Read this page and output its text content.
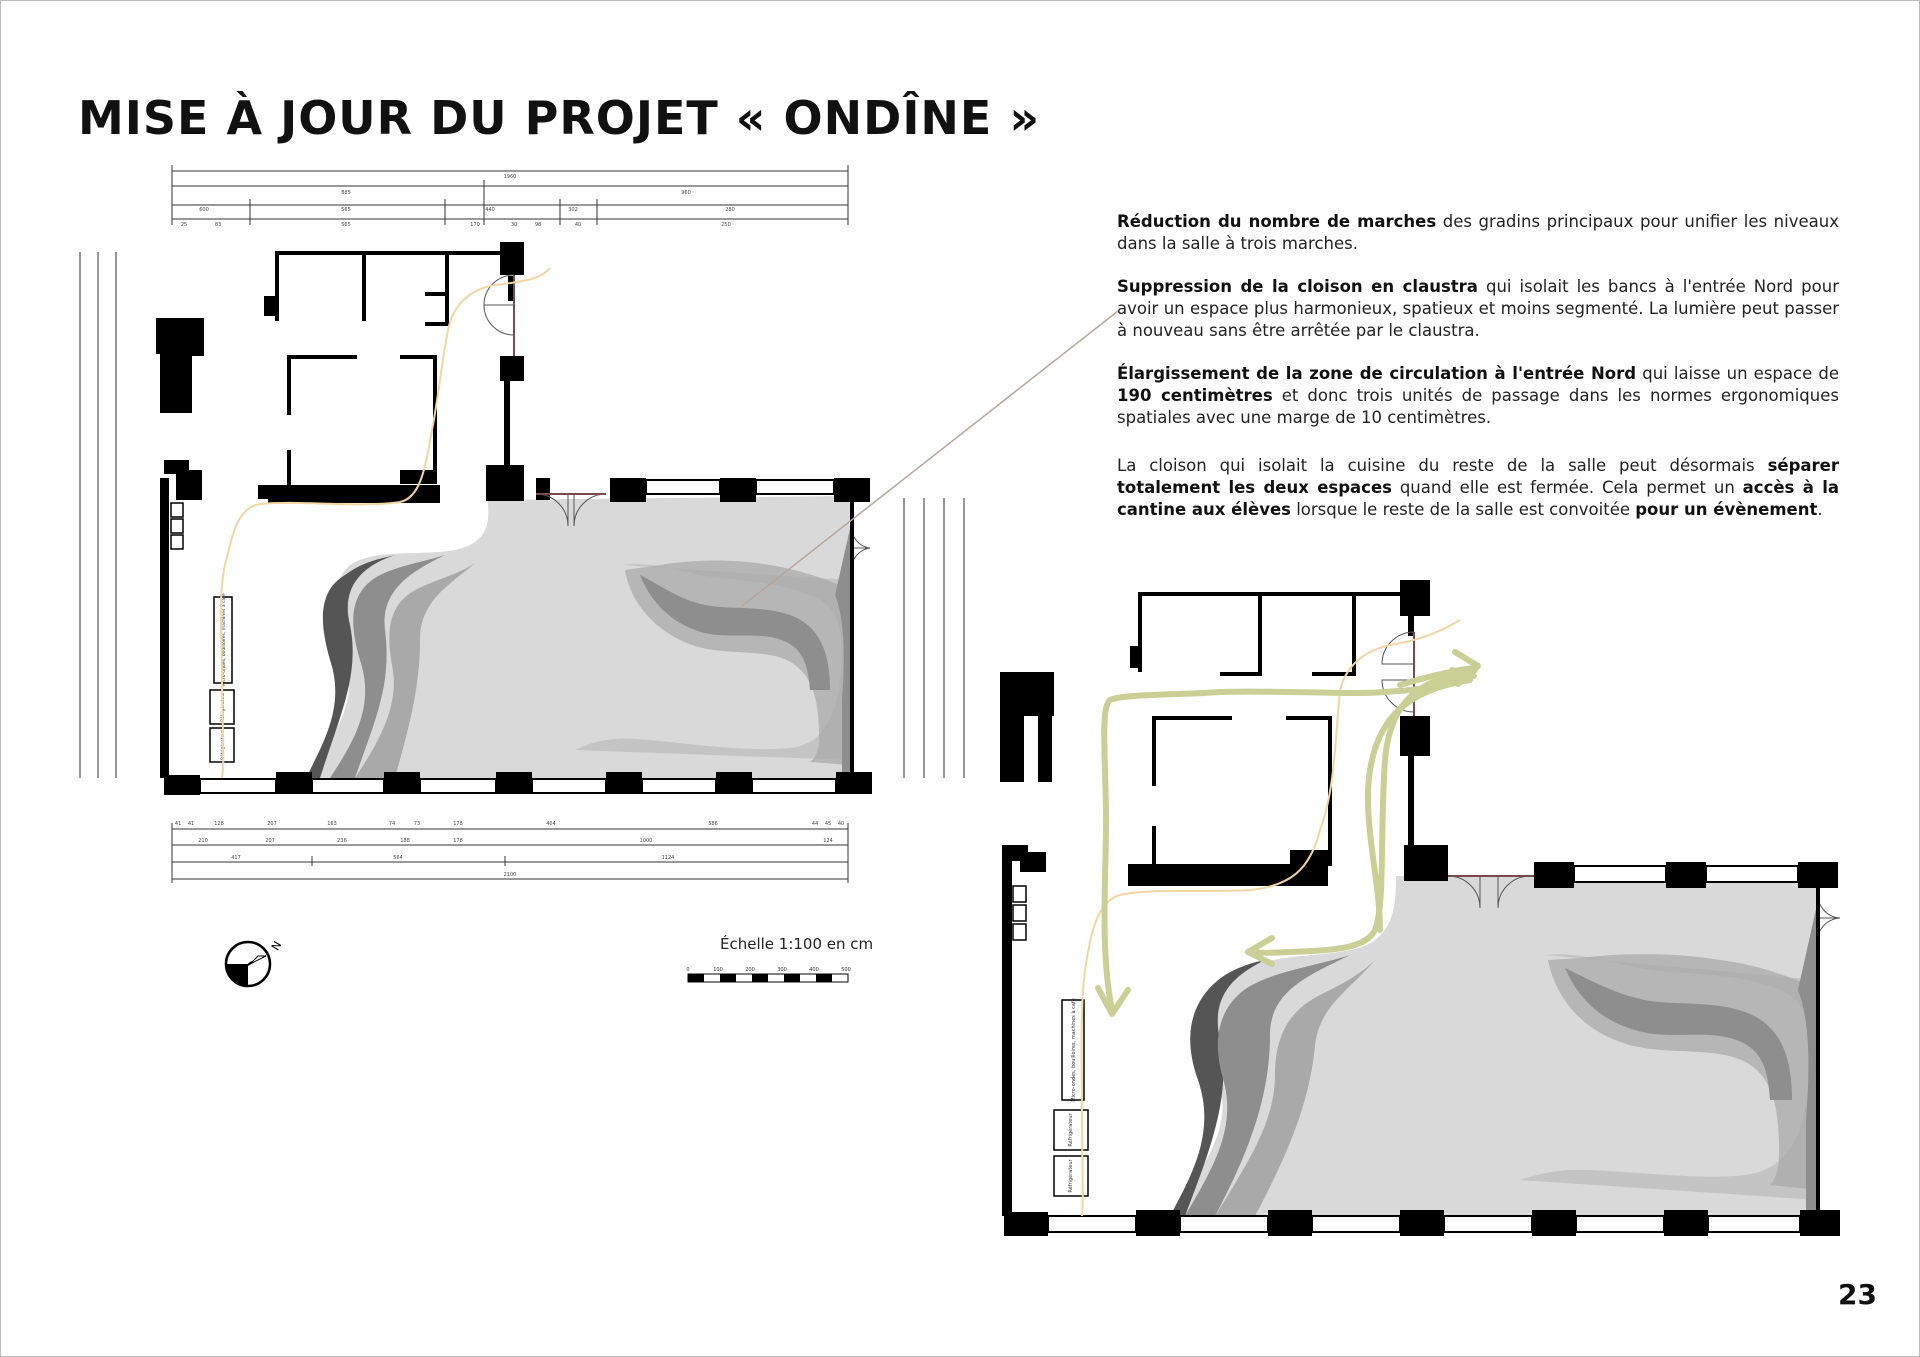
MISE À JOUR DU PROJET « ONDÎNE »
1960
885	960
600	565	440	302	280
25	83	565	170	30	98	40	250
41 41	128	207	163	74	73	178	404	586	44 45 40
210	207	236	188	178	1000	124
417	564	1124
2100
Micro-ondes, bouilloires, machines à café
Réfrigérateur
Réfrigérateur
Micro-ondes, bouilloires, machines à café
Réfrigérateur
Réfrigérateur

Réduction du nombre de marches des gradins principaux pour unifier les niveaux dans la salle à trois marches.

Suppression de la cloison en claustra qui isolait les bancs à l'entrée Nord pour avoir un espace plus harmonieux, spatieux et moins segmenté. La lumière peut passer à nouveau sans être arrêtée par le claustra.

Élargissement de la zone de circulation à l'entrée Nord qui laisse un espace de 190 centimètres et donc trois unités de passage dans les normes ergonomiques spatiales avec une marge de 10 centimètres.

La cloison qui isolait la cuisine du reste de la salle peut désormais séparer totalement les deux espaces quand elle est fermée. Cela permet un accès à la cantine aux élèves lorsque le reste de la salle est convoitée pour un évènement.

N	Échelle 1:100 en cm
0	100	200	300	400	500
23
